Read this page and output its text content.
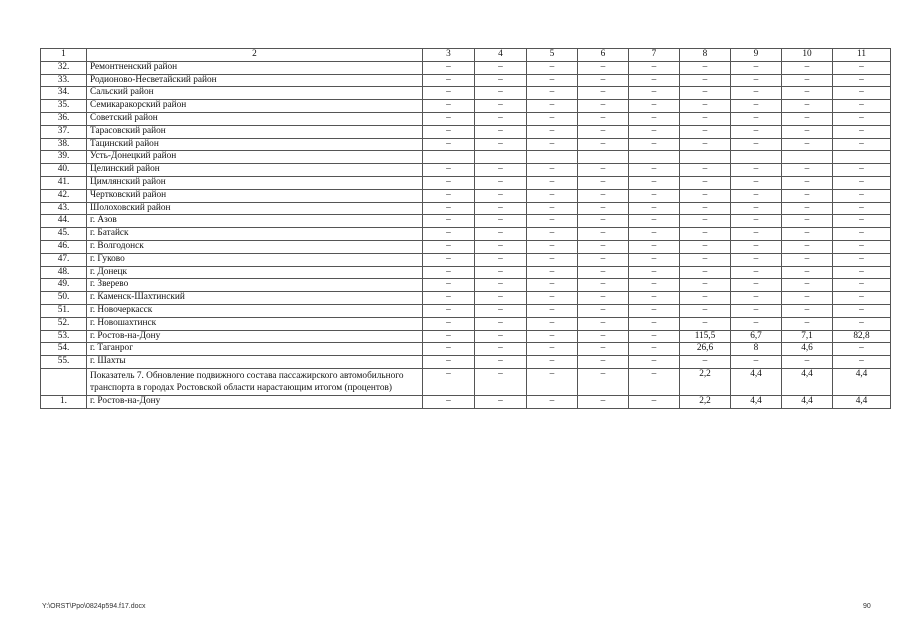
1	2	3	4	5	6	7	8	9	10	11
32.	Ремонтненский район	–	–	–	–	–	–	–	–	–
33.	Родионово-Несветайский район	–	–	–	–	–	–	–	–	–
34.	Сальский район	–	–	–	–	–	–	–	–	–
35.	Семикаракорский район	–	–	–	–	–	–	–	–	–
36.	Советский район	–	–	–	–	–	–	–	–	–
37.	Тарасовский район	–	–	–	–	–	–	–	–	–
38.	Тацинский район	–	–	–	–	–	–	–	–	–
39.	Усть-Донецкий район									
40.	Целинский район	–	–	–	–	–	–	–	–	–
41.	Цимлянский район	–	–	–	–	–	–	–	–	–
42.	Чертковский район	–	–	–	–	–	–	–	–	–
43.	Шолоховский район	–	–	–	–	–	–	–	–	–
44.	г. Азов	–	–	–	–	–	–	–	–	–
45.	г. Батайск	–	–	–	–	–	–	–	–	–
46.	г. Волгодонск	–	–	–	–	–	–	–	–	–
47.	г. Гуково	–	–	–	–	–	–	–	–	–
48.	г. Донецк	–	–	–	–	–	–	–	–	–
49.	г. Зверево	–	–	–	–	–	–	–	–	–
50.	г. Каменск-Шахтинский	–	–	–	–	–	–	–	–	–
51.	г. Новочеркасск	–	–	–	–	–	–	–	–	–
52.	г. Новошахтинск	–	–	–	–	–	–	–	–	–
53.	г. Ростов-на-Дону	–	–	–	–	–	115,5	6,7	7,1	82,8
54.	г. Таганрог	–	–	–	–	–	26,6	8	4,6	–
55.	г. Шахты	–	–	–	–	–	–	–	–	–
	Показатель 7. Обновление подвижного состава пассажирского автомобильного транспорта в городах Ростовской области нарастающим итогом (процентов)	–	–	–	–	–	2,2	4,4	4,4	4,4
1.	г. Ростов-на-Дону	–	–	–	–	–	2,2	4,4	4,4	4,4
Y:\ORST\Ppo\0824p594.f17.docx	90
